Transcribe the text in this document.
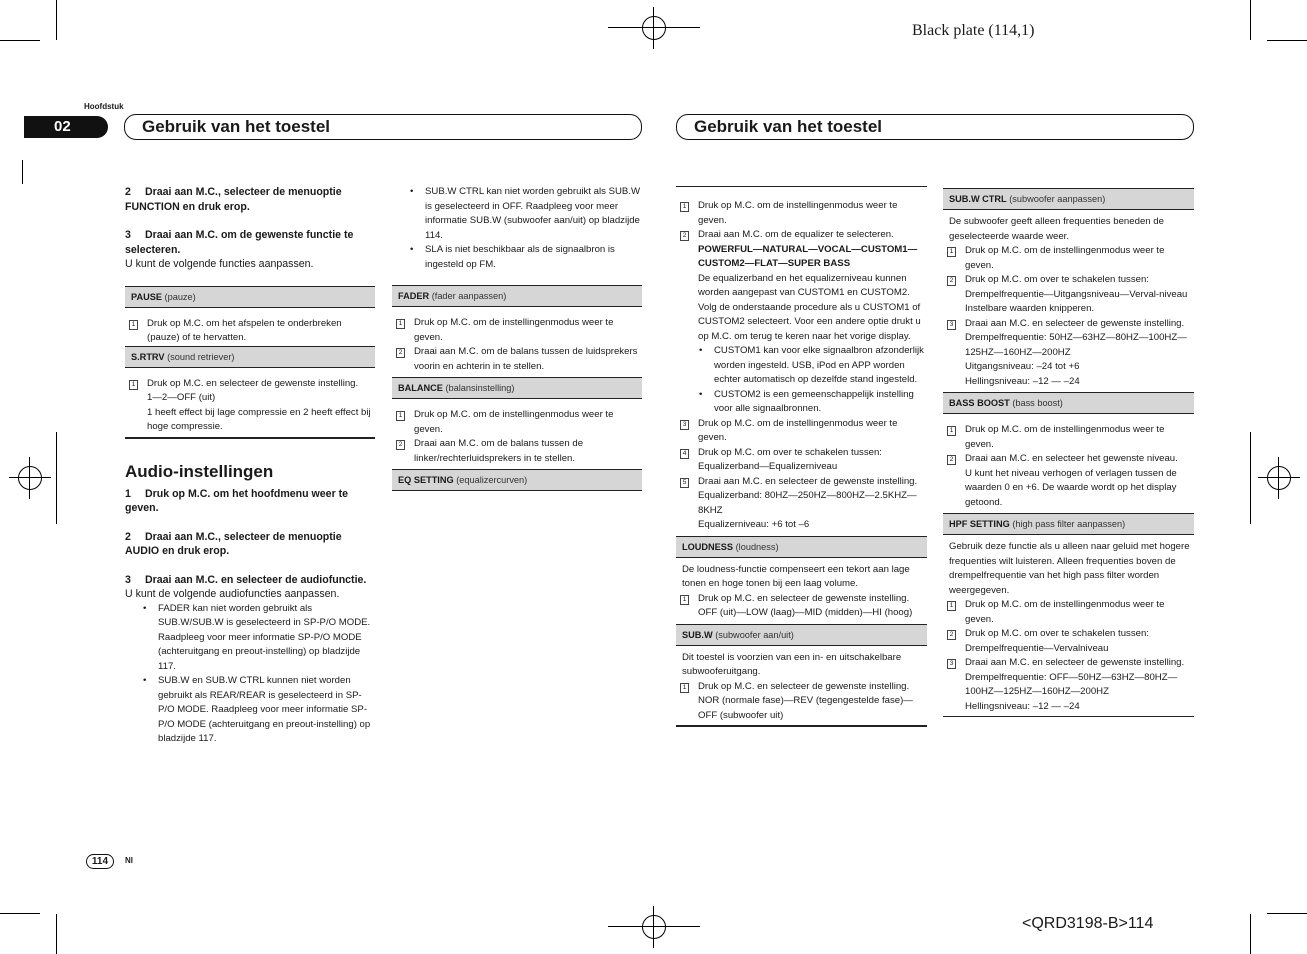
Black plate (114,1)
<QRD3198-B>114
Hoofdstuk
02	Gebruik van het toestel	Gebruik van het toestel

2 Draai aan M.C., selecteer de menuoptie FUNCTION en druk erop.

3 Draai aan M.C. om de gewenste functie te selecteren.

U kunt de volgende functies aanpassen.

PAUSE (pauze)
1 Druk op M.C. om het afspelen te onderbreken (pauze) of te hervatten.
S.RTRV (sound retriever)
1 Druk op M.C. en selecteer de gewenste instelling.
1—2—OFF (uit)
1 heeft effect bij lage compressie en 2 heeft effect bij hoge compressie.
Audio-instellingen

1 Druk op M.C. om het hoofdmenu weer te geven.

2 Draai aan M.C., selecteer de menuoptie AUDIO en druk erop.

3 Draai aan M.C. en selecteer de audiofunctie.

U kunt de volgende audiofuncties aanpassen.

• FADER kan niet worden gebruikt als SUB.W/SUB.W is geselecteerd in SP-P/O MODE. Raadpleeg voor meer informatie SP-P/O MODE (achteruitgang en preout-instelling) op bladzijde 117.
• SUB.W en SUB.W CTRL kunnen niet worden gebruikt als REAR/REAR is geselecteerd in SP-P/O MODE. Raadpleeg voor meer informatie SP-P/O MODE (achteruitgang en preout-instelling) op bladzijde 117.
• SUB.W CTRL kan niet worden gebruikt als SUB.W is geselecteerd in OFF. Raadpleeg voor meer informatie SUB.W (subwoofer aan/uit) op bladzijde 114.
• SLA is niet beschikbaar als de signaalbron is ingesteld op FM.
FADER (fader aanpassen)
1 Druk op M.C. om de instellingenmodus weer te geven.
2 Draai aan M.C. om de balans tussen de luidsprekers voorin en achterin in te stellen.
BALANCE (balansinstelling)
1 Druk op M.C. om de instellingenmodus weer te geven.
2 Draai aan M.C. om de balans tussen de linker/rechterluidsprekers in te stellen.
EQ SETTING (equalizercurven)
1 Druk op M.C. om de instellingenmodus weer te geven.
2 Draai aan M.C. om de equalizer te selecteren.
POWERFUL—NATURAL—VOCAL—CUSTOM1—CUSTOM2—FLAT—SUPER BASS
De equalizerband en het equalizerniveau kunnen worden aangepast van CUSTOM1 en CUSTOM2.
Volg de onderstaande procedure als u CUSTOM1 of CUSTOM2 selecteert. Voor een andere optie drukt u op M.C. om terug te keren naar het vorige display.
• CUSTOM1 kan voor elke signaalbron afzonderlijk worden ingesteld. USB, iPod en APP worden echter automatisch op dezelfde stand ingesteld.
• CUSTOM2 is een gemeenschappelijk instelling voor alle signaalbronnen.
3 Druk op M.C. om de instellingenmodus weer te geven.
4 Druk op M.C. om over te schakelen tussen:
Equalizerband—Equalizerniveau
5 Draai aan M.C. en selecteer de gewenste instelling.
Equalizerband: 80HZ—250HZ—800HZ—2.5KHZ—8KHZ
Equalizerniveau: +6 tot –6
LOUDNESS (loudness)
De loudness-functie compenseert een tekort aan lage tonen en hoge tonen bij een laag volume.
1 Druk op M.C. en selecteer de gewenste instelling.
OFF (uit)—LOW (laag)—MID (midden)—HI (hoog)
SUB.W (subwoofer aan/uit)
Dit toestel is voorzien van een in- en uitschakelbare subwooferuitgang.
1 Druk op M.C. en selecteer de gewenste instelling.
NOR (normale fase)—REV (tegengestelde fase)—OFF (subwoofer uit)
SUB.W CTRL (subwoofer aanpassen)
De subwoofer geeft alleen frequenties beneden de geselecteerde waarde weer.
1 Druk op M.C. om de instellingenmodus weer te geven.
2 Druk op M.C. om over te schakelen tussen:
Drempelfrequentie—Uitgangsniveau—Verval-niveau
Instelbare waarden knipperen.
3 Draai aan M.C. en selecteer de gewenste instelling.
Drempelfrequentie: 50HZ—63HZ—80HZ—100HZ—125HZ—160HZ—200HZ
Uitgangsniveau: –24 tot +6
Hellingsniveau: –12 — –24
BASS BOOST (bass boost)
1 Druk op M.C. om de instellingenmodus weer te geven.
2 Draai aan M.C. en selecteer het gewenste niveau.
U kunt het niveau verhogen of verlagen tussen de waarden 0 en +6. De waarde wordt op het display getoond.
HPF SETTING (high pass filter aanpassen)
Gebruik deze functie als u alleen naar geluid met hogere frequenties wilt luisteren. Alleen frequenties boven de drempelfrequentie van het high pass filter worden weergegeven.
1 Druk op M.C. om de instellingenmodus weer te geven.
2 Druk op M.C. om over te schakelen tussen:
Drempelfrequentie—Vervalniveau
3 Draai aan M.C. en selecteer de gewenste instelling.
Drempelfrequentie: OFF—50HZ—63HZ—80HZ—100HZ—125HZ—160HZ—200HZ
Hellingsniveau: –12 — –24
114	Nl
